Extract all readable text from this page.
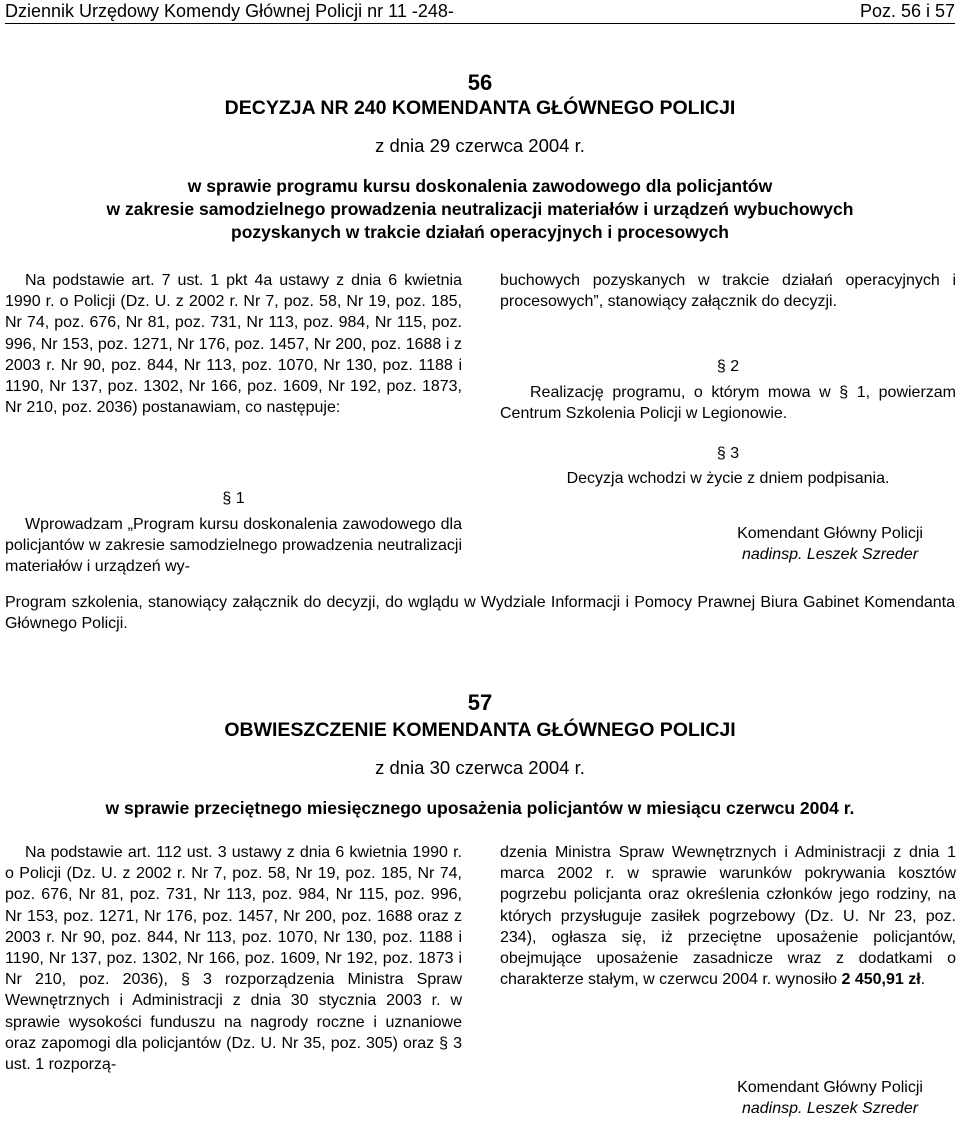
Dziennik Urzędowy Komendy Głównej Policji nr 11 -248-	Poz. 56 i 57
56
DECYZJA NR 240 KOMENDANTA GŁÓWNEGO POLICJI
z dnia 29 czerwca 2004 r.
w sprawie programu kursu doskonalenia zawodowego dla policjantów
w zakresie samodzielnego prowadzenia neutralizacji materiałów i urządzeń wybuchowych
pozyskanych w trakcie działań operacyjnych i procesowych

Na podstawie art. 7 ust. 1 pkt 4a ustawy z dnia 6 kwietnia 1990 r. o Policji (Dz. U. z 2002 r. Nr 7, poz. 58, Nr 19, poz. 185, Nr 74, poz. 676, Nr 81, poz. 731, Nr 113, poz. 984, Nr 115, poz. 996, Nr 153, poz. 1271, Nr 176, poz. 1457, Nr 200, poz. 1688 i z 2003 r. Nr 90, poz. 844, Nr 113, poz. 1070, Nr 130, poz. 1188 i 1190, Nr 137, poz. 1302, Nr 166, poz. 1609, Nr 192, poz. 1873, Nr 210, poz. 2036) postanawiam, co następuje:

§ 1

Wprowadzam „Program kursu doskonalenia zawodowego dla policjantów w zakresie samodzielnego prowadzenia neutralizacji materiałów i urządzeń wy-

buchowych pozyskanych w trakcie działań operacyjnych i procesowych”, stanowiący załącznik do decyzji.

§ 2

Realizację programu, o którym mowa w § 1, powierzam Centrum Szkolenia Policji w Legionowie.

§ 3
Decyzja wchodzi w życie z dniem podpisania.
Komendant Główny Policji
nadinsp. Leszek Szreder
Program szkolenia, stanowiący załącznik do decyzji, do wglądu w Wydziale Informacji i Pomocy Prawnej Biura Gabinet Komendanta Głównego Policji.
57
OBWIESZCZENIE KOMENDANTA GŁÓWNEGO POLICJI
z dnia 30 czerwca 2004 r.
w sprawie przeciętnego miesięcznego uposażenia policjantów w miesiącu czerwcu 2004 r.

Na podstawie art. 112 ust. 3 ustawy z dnia 6 kwietnia 1990 r. o Policji (Dz. U. z 2002 r. Nr 7, poz. 58, Nr 19, poz. 185, Nr 74, poz. 676, Nr 81, poz. 731, Nr 113, poz. 984, Nr 115, poz. 996, Nr 153, poz. 1271, Nr 176, poz. 1457, Nr 200, poz. 1688 oraz z 2003 r. Nr 90, poz. 844, Nr 113, poz. 1070, Nr 130, poz. 1188 i 1190, Nr 137, poz. 1302, Nr 166, poz. 1609, Nr 192, poz. 1873 i Nr 210, poz. 2036), § 3 rozporządzenia Ministra Spraw Wewnętrznych i Administracji z dnia 30 stycznia 2003 r. w sprawie wysokości funduszu na nagrody roczne i uznaniowe oraz zapomogi dla policjantów (Dz. U. Nr 35, poz. 305) oraz § 3 ust. 1 rozporzą-

dzenia Ministra Spraw Wewnętrznych i Administracji z dnia 1 marca 2002 r. w sprawie warunków pokrywania kosztów pogrzebu policjanta oraz określenia członków jego rodziny, na których przysługuje zasiłek pogrzebowy (Dz. U. Nr 23, poz. 234), ogłasza się, iż przeciętne uposażenie policjantów, obejmujące uposażenie zasadnicze wraz z dodatkami o charakterze stałym, w czerwcu 2004 r. wynosiło 2 450,91 zł.

Komendant Główny Policji
nadinsp. Leszek Szreder
